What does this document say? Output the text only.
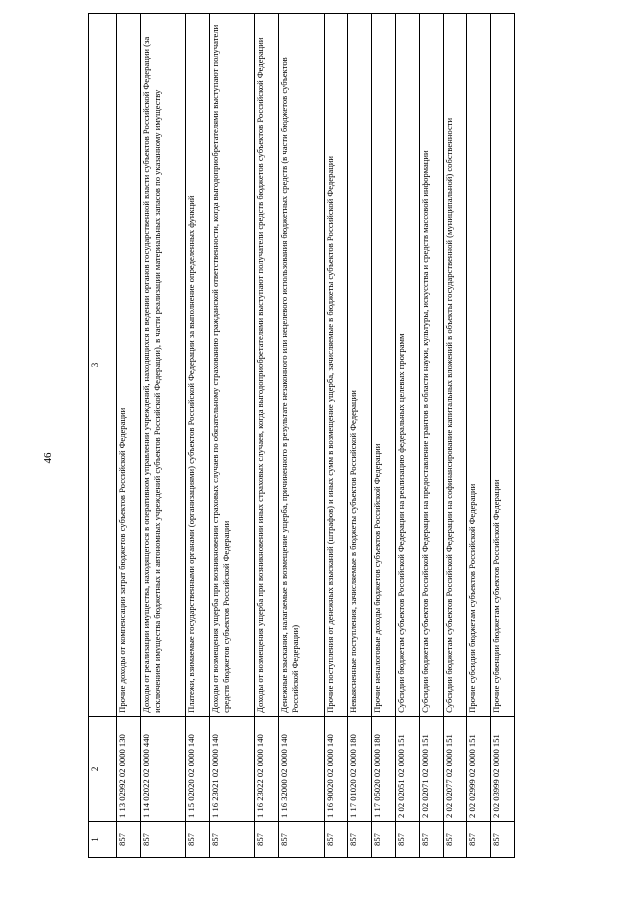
46
1	2	3
857	1 13 02992 02 0000 130	Прочие доходы от компенсации затрат бюджетов субъектов Российской Федерации
857	1 14 02022 02 0000 440	Доходы от реализации имущества, находящегося в оперативном управлении учреждений, находящихся в ведении органов государственной власти субъектов Российской Федерации (за исключением имущества бюджетных и автономных учреждений субъектов Российской Федерации), в части реализации материальных запасов по указанному имуществу
857	1 15 02020 02 0000 140	Платежи, взимаемые государственными органами (организациями) субъектов Российской Федерации за выполнение определенных функций
857	1 16 23021 02 0000 140	Доходы от возмещения ущерба при возникновении страховых случаев по обязательному страхованию гражданской ответственности, когда выгодоприобретателями выступают получатели средств бюджетов субъектов Российской Федерации
857	1 16 23022 02 0000 140	Доходы от возмещения ущерба при возникновении иных страховых случаев, когда выгодоприобретателями выступают получатели средств бюджетов субъектов Российской Федерации
857	1 16 32000 02 0000 140	Денежные взыскания, налагаемые в возмещение ущерба, причиненного в результате незаконного или нецелевого использования бюджетных средств (в части бюджетов субъектов Российской Федерации)
857	1 16 90020 02 0000 140	Прочие поступления от денежных взысканий (штрафов) и иных сумм в возмещение ущерба, зачисляемые в бюджеты субъектов Российской Федерации
857	1 17 01020 02 0000 180	Невыясненные поступления, зачисляемые в бюджеты субъектов Российской Федерации
857	1 17 05020 02 0000 180	Прочие неналоговые доходы бюджетов субъектов Российской Федерации
857	2 02 02051 02 0000 151	Субсидии бюджетам субъектов Российской Федерации на реализацию федеральных целевых программ
857	2 02 02071 02 0000 151	Субсидии бюджетам субъектов Российской Федерации на предоставление грантов в области науки, культуры, искусства и средств массовой информации
857	2 02 02077 02 0000 151	Субсидии бюджетам субъектов Российской Федерации на софинансирование капитальных вложений в объекты государственной (муниципальной) собственности
857	2 02 02999 02 0000 151	Прочие субсидии бюджетам субъектов Российской Федерации
857	2 02 03999 02 0000 151	Прочие субвенции бюджетам субъектов Российской Федерации
